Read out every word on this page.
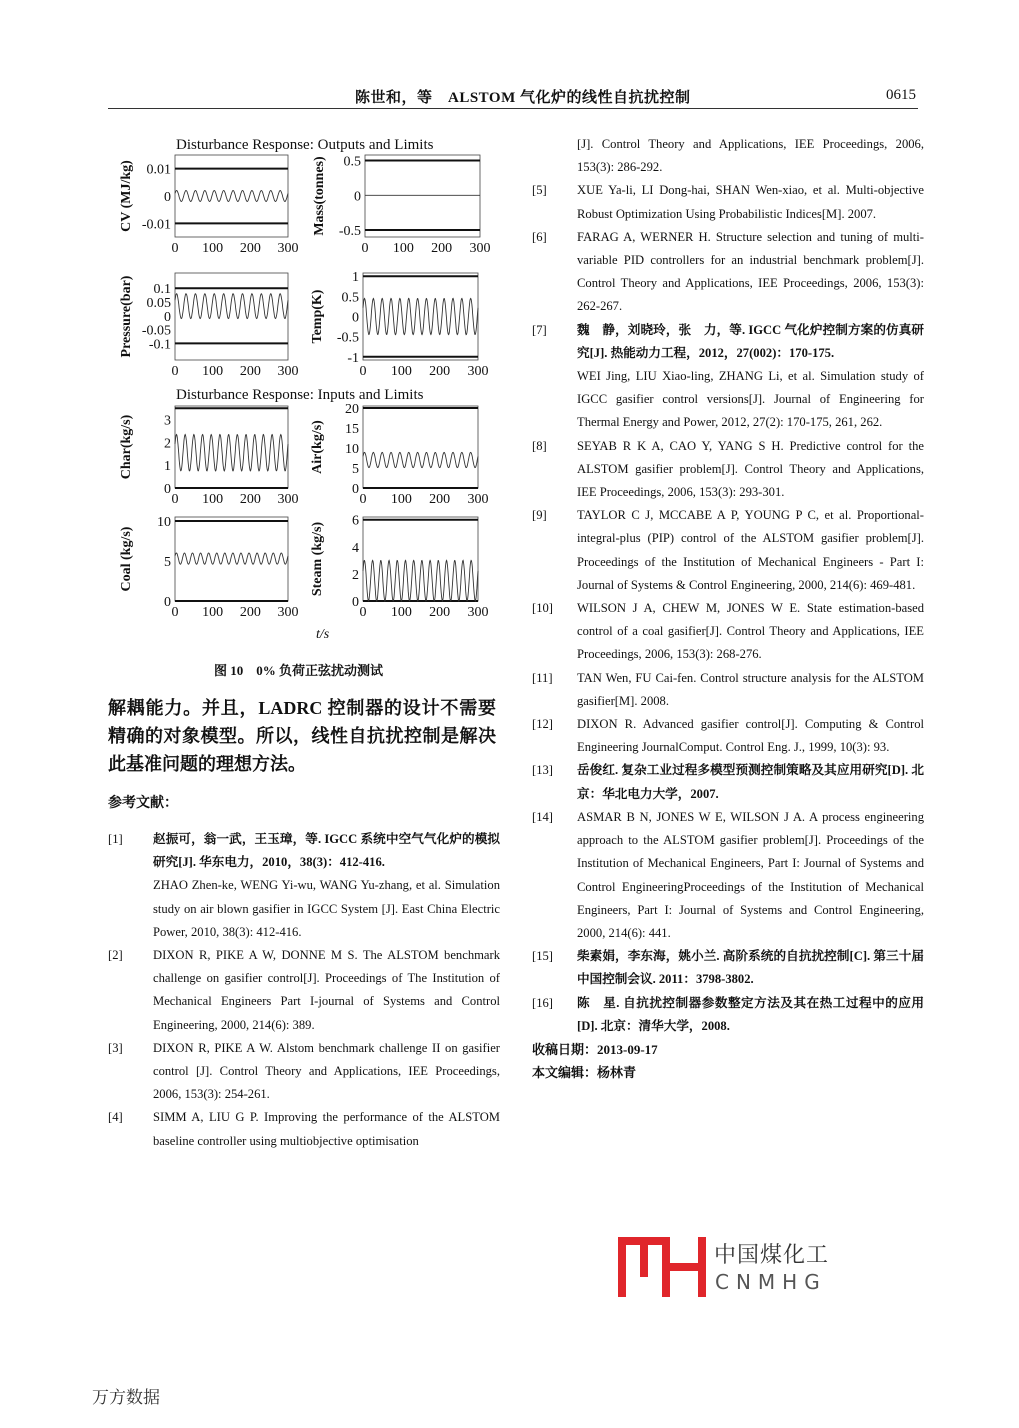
陈世和，等　ALSTOM 气化炉的线性自抗扰控制	0615
Disturbance Response: Outputs and Limits
Disturbance Response: Inputs and Limits
t/s
0.01
0
-0.01
0 100 200 300
CV (MJ/kg)	0.5
0
-0.5
0 100 200 300
Mass(tonnes)
0.1
0.05
0
-0.05
-0.1
0 100 200 300
Pressure(bar)	1
0.5
0
-0.5
-1
0 100 200 300
Temp(K)
3
2
1
0
0 100 200 300
Char(kg/s)
20
15
10
5
0
0 100 200 300
Air(kg/s)
10
5
0
0 100 200 300
Coal (kg/s)
6
4
2
0
0 100 200 300
Steam (kg/s)
图 10　0% 负荷正弦扰动测试
解耦能力。并且，LADRC 控制器的设计不需要精确的对象模型。所以，线性自抗扰控制是解决此基准问题的理想方法。
参考文献：
[1] 赵振可，翁一武，王玉璋，等. IGCC 系统中空气气化炉的模拟研究[J]. 华东电力，2010，38(3)：412-416.
ZHAO Zhen-ke, WENG Yi-wu, WANG Yu-zhang, et al. Simulation study on air blown gasifier in IGCC System [J]. East China Electric Power, 2010, 38(3): 412-416.
[2] DIXON R, PIKE A W, DONNE M S. The ALSTOM benchmark challenge on gasifier control[J]. Proceedings of The Institution of Mechanical Engineers Part I-journal of Systems and Control Engineering, 2000, 214(6): 389.
[3] DIXON R, PIKE A W. Alstom benchmark challenge II on gasifier control [J]. Control Theory and Applications, IEE Proceedings, 2006, 153(3): 254-261.
[4] SIMM A, LIU G P. Improving the performance of the ALSTOM baseline controller using multiobjective optimisation
[J]. Control Theory and Applications, IEE Proceedings, 2006, 153(3): 286-292.
[5] XUE Ya-li, LI Dong-hai, SHAN Wen-xiao, et al. Multi-objective Robust Optimization Using Probabilistic Indices[M]. 2007.
[6] FARAG A, WERNER H. Structure selection and tuning of multi-variable PID controllers for an industrial benchmark problem[J]. Control Theory and Applications, IEE Proceedings, 2006, 153(3): 262-267.
[7] 魏　静，刘晓玲，张　力，等. IGCC 气化炉控制方案的仿真研究[J]. 热能动力工程，2012，27(002)：170-175.
WEI Jing, LIU Xiao-ling, ZHANG Li, et al. Simulation study of IGCC gasifier control versions[J]. Journal of Engineering for Thermal Energy and Power, 2012, 27(2): 170-175, 261, 262.
[8] SEYAB R K A, CAO Y, YANG S H. Predictive control for the ALSTOM gasifier problem[J]. Control Theory and Applications, IEE Proceedings, 2006, 153(3): 293-301.
[9] TAYLOR C J, MCCABE A P, YOUNG P C, et al. Proportional-integral-plus (PIP) control of the ALSTOM gasifier problem[J]. Proceedings of the Institution of Mechanical Engineers - Part I: Journal of Systems & Control Engineering, 2000, 214(6): 469-481.
[10] WILSON J A, CHEW M, JONES W E. State estimation-based control of a coal gasifier[J]. Control Theory and Applications, IEE Proceedings, 2006, 153(3): 268-276.
[11] TAN Wen, FU Cai-fen. Control structure analysis for the ALSTOM gasifier[M]. 2008.
[12] DIXON R. Advanced gasifier control[J]. Computing & Control Engineering JournalComput. Control Eng. J., 1999, 10(3): 93.
[13] 岳俊红. 复杂工业过程多模型预测控制策略及其应用研究[D]. 北京：华北电力大学，2007.
[14] ASMAR B N, JONES W E, WILSON J A. A process engineering approach to the ALSTOM gasifier problem[J]. Proceedings of the Institution of Mechanical Engineers, Part I: Journal of Systems and Control EngineeringProceedings of the Institution of Mechanical Engineers, Part I: Journal of Systems and Control Engineering, 2000, 214(6): 441.
[15] 柴素娟，李东海，姚小兰. 高阶系统的自抗扰控制[C]. 第三十届中国控制会议. 2011：3798-3802.
[16] 陈　星. 自抗扰控制器参数整定方法及其在热工过程中的应用[D]. 北京：清华大学，2008.
收稿日期：2013-09-17
本文编辑：杨林青
中国煤化工
CNMHG
万方数据
